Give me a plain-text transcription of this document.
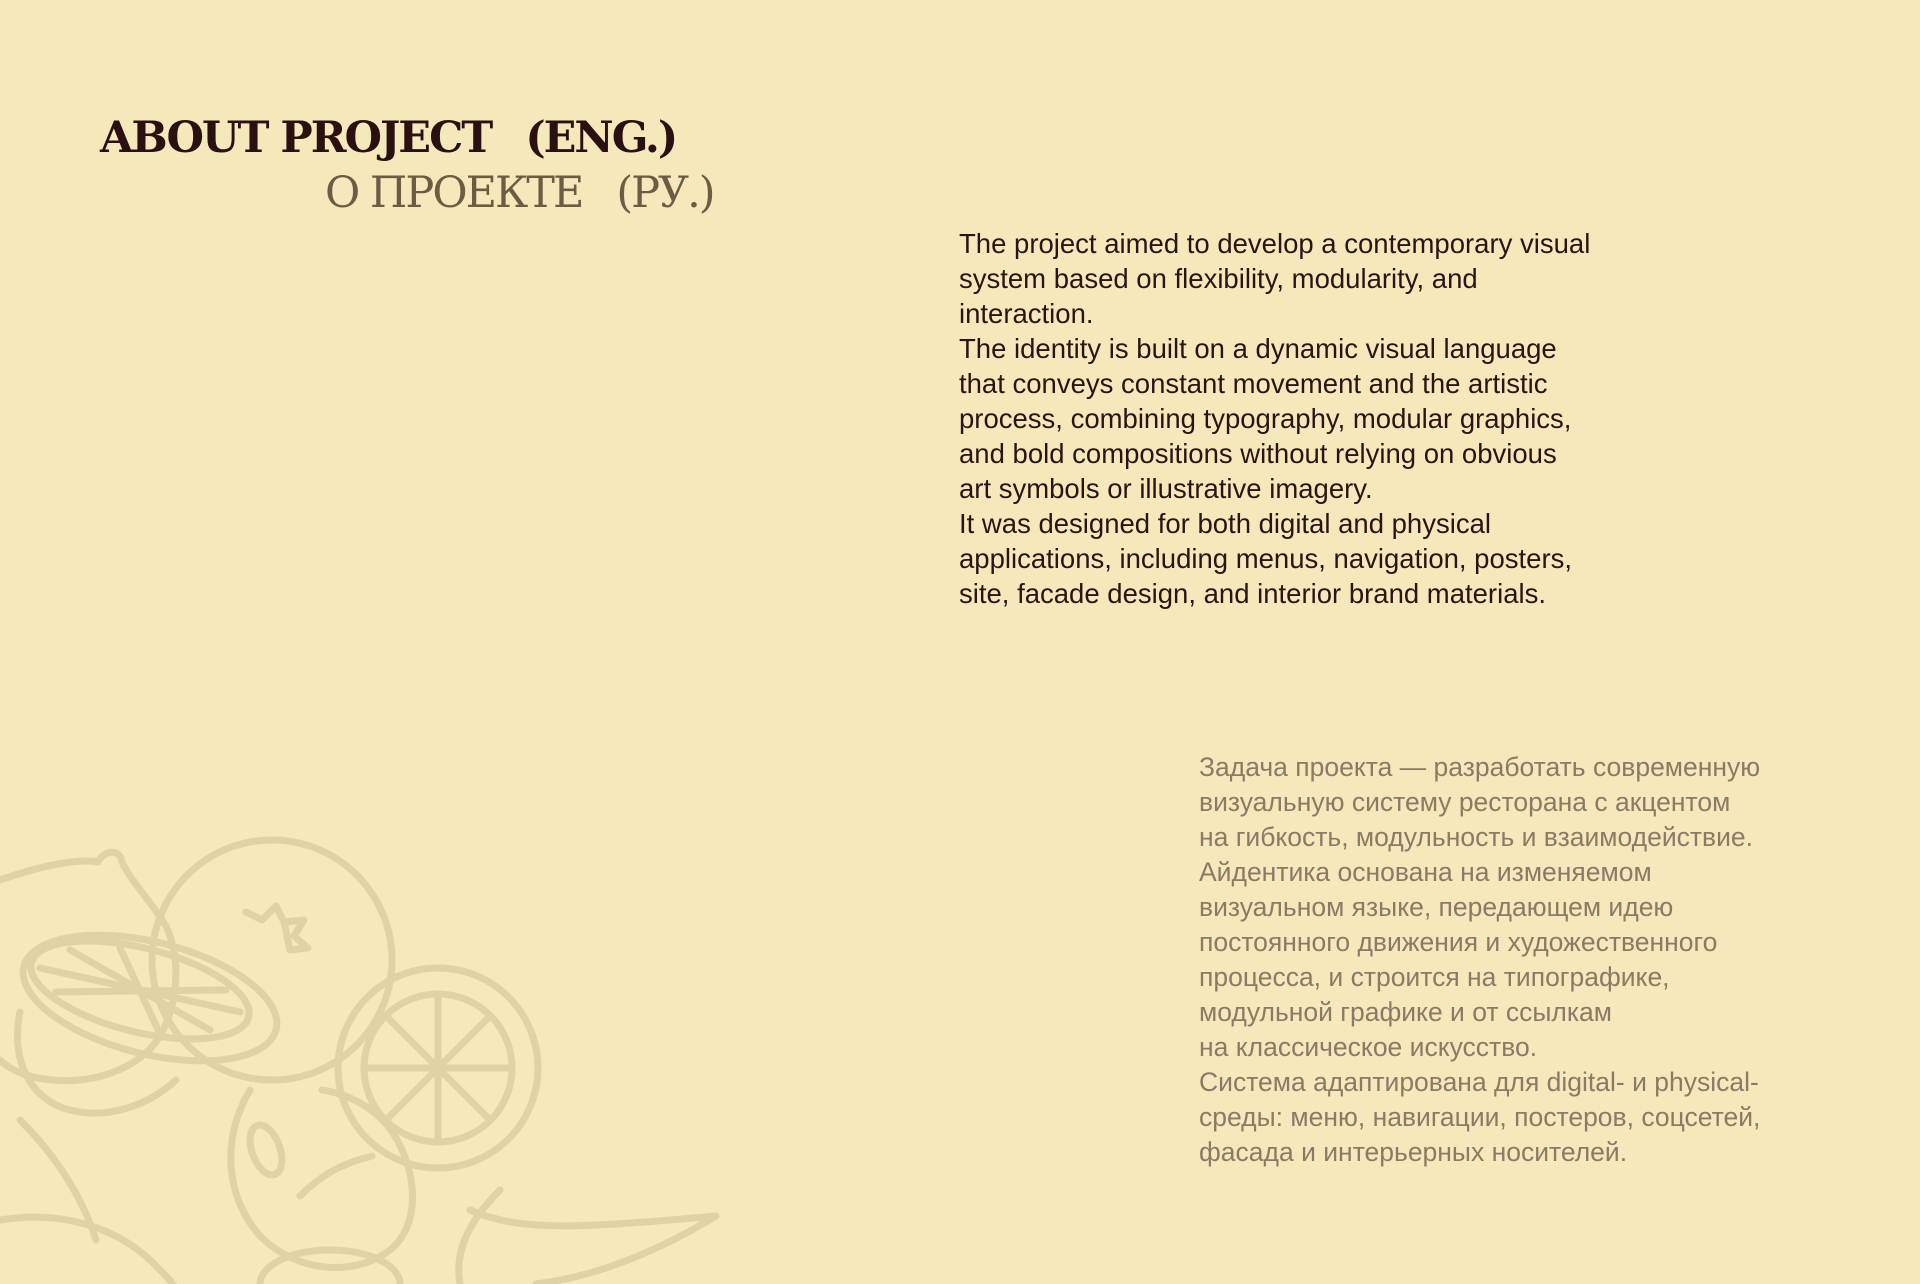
ABOUT PROJECT (ENG.)
О ПРОЕКТЕ (РУ.)
The project aimed to develop a contemporary visual
system based on flexibility, modularity, and
interaction.
The identity is built on a dynamic visual language
that conveys constant movement and the artistic
process, combining typography, modular graphics,
and bold compositions without relying on obvious
art symbols or illustrative imagery.
It was designed for both digital and physical
applications, including menus, navigation, posters,
site, facade design, and interior brand materials.
Задача проекта — разработать современную
визуальную систему ресторана с акцентом
на гибкость, модульность и взаимодействие.
Айдентика основана на изменяемом
визуальном языке, передающем идею
постоянного движения и художественного
процесса, и строится на типографике,
модульной графике и от ссылкам
на классическое искусство.
Система адаптирована для digital- и physical-
среды: меню, навигации, постеров, соцсетей,
фасада и интерьерных носителей.
